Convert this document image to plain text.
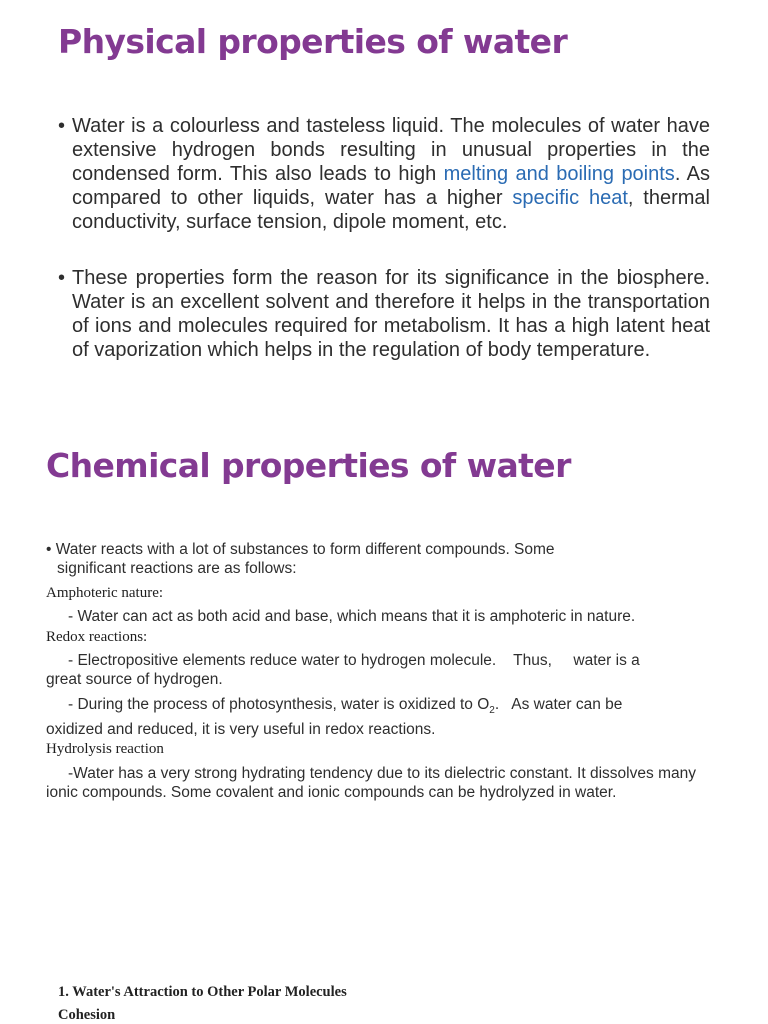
Physical properties of water
• Water is a colourless and tasteless liquid. The molecules of water have extensive hydrogen bonds resulting in unusual properties in the condensed form. This also leads to high melting and boiling points. As compared to other liquids, water has a higher specific heat, thermal conductivity, surface tension, dipole moment, etc.
• These properties form the reason for its significance in the biosphere. Water is an excellent solvent and therefore it helps in the transportation of ions and molecules required for metabolism. It has a high latent heat of vaporization which helps in the regulation of body temperature.
Chemical properties of water
• Water reacts with a lot of substances to form different compounds. Some
significant reactions are as follows:
Amphoteric nature:
- Water can act as both acid and base, which means that it is amphoteric in nature.
Redox reactions:
- Electropositive elements reduce water to hydrogen molecule.    Thus,     water is a
great source of hydrogen.
- During the process of photosynthesis, water is oxidized to $O_2$.   As water can be
oxidized and reduced, it is very useful in redox reactions.
Hydrolysis reaction
-Water has a very strong hydrating tendency due to its dielectric constant. It dissolves many ionic compounds. Some covalent and ionic compounds can be hydrolyzed in water.
1. Water's Attraction to Other Polar Molecules
Cohesion
